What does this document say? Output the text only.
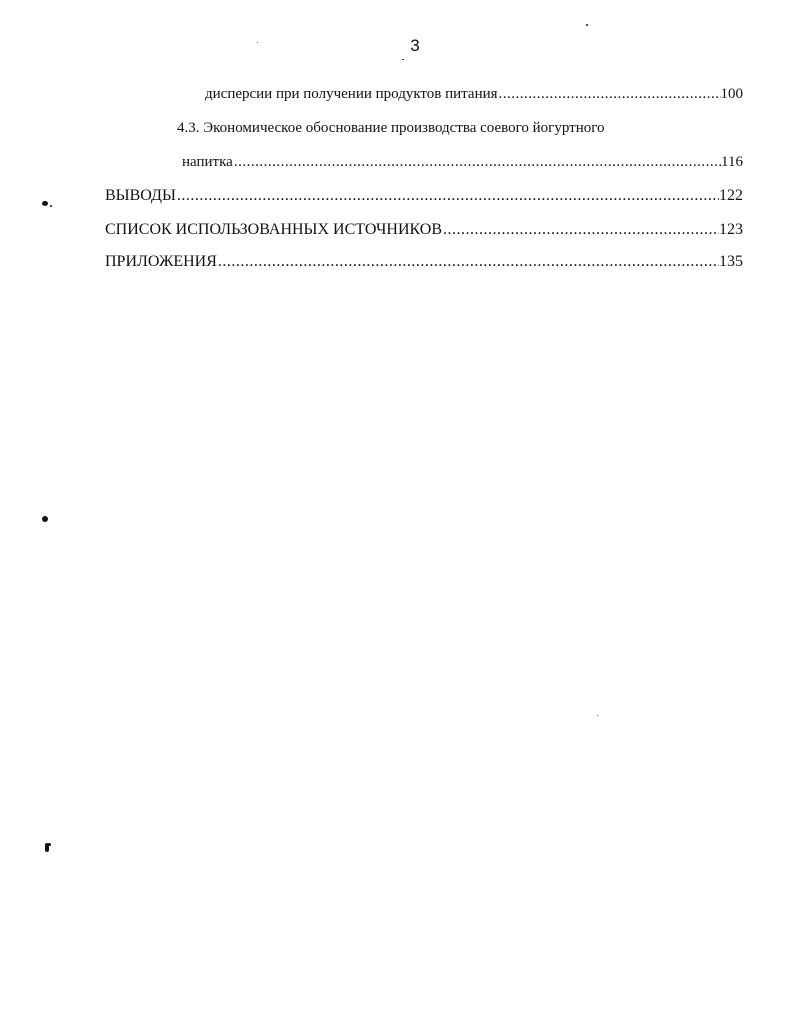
3
дисперсии при получении продуктов питания .....	100
4.3. Экономическое обоснование производства соевого йогуртного
напитка .....	116
ВЫВОДЫ .....	122
СПИСОК ИСПОЛЬЗОВАННЫХ ИСТОЧНИКОВ .....	123
ПРИЛОЖЕНИЯ .....	135
